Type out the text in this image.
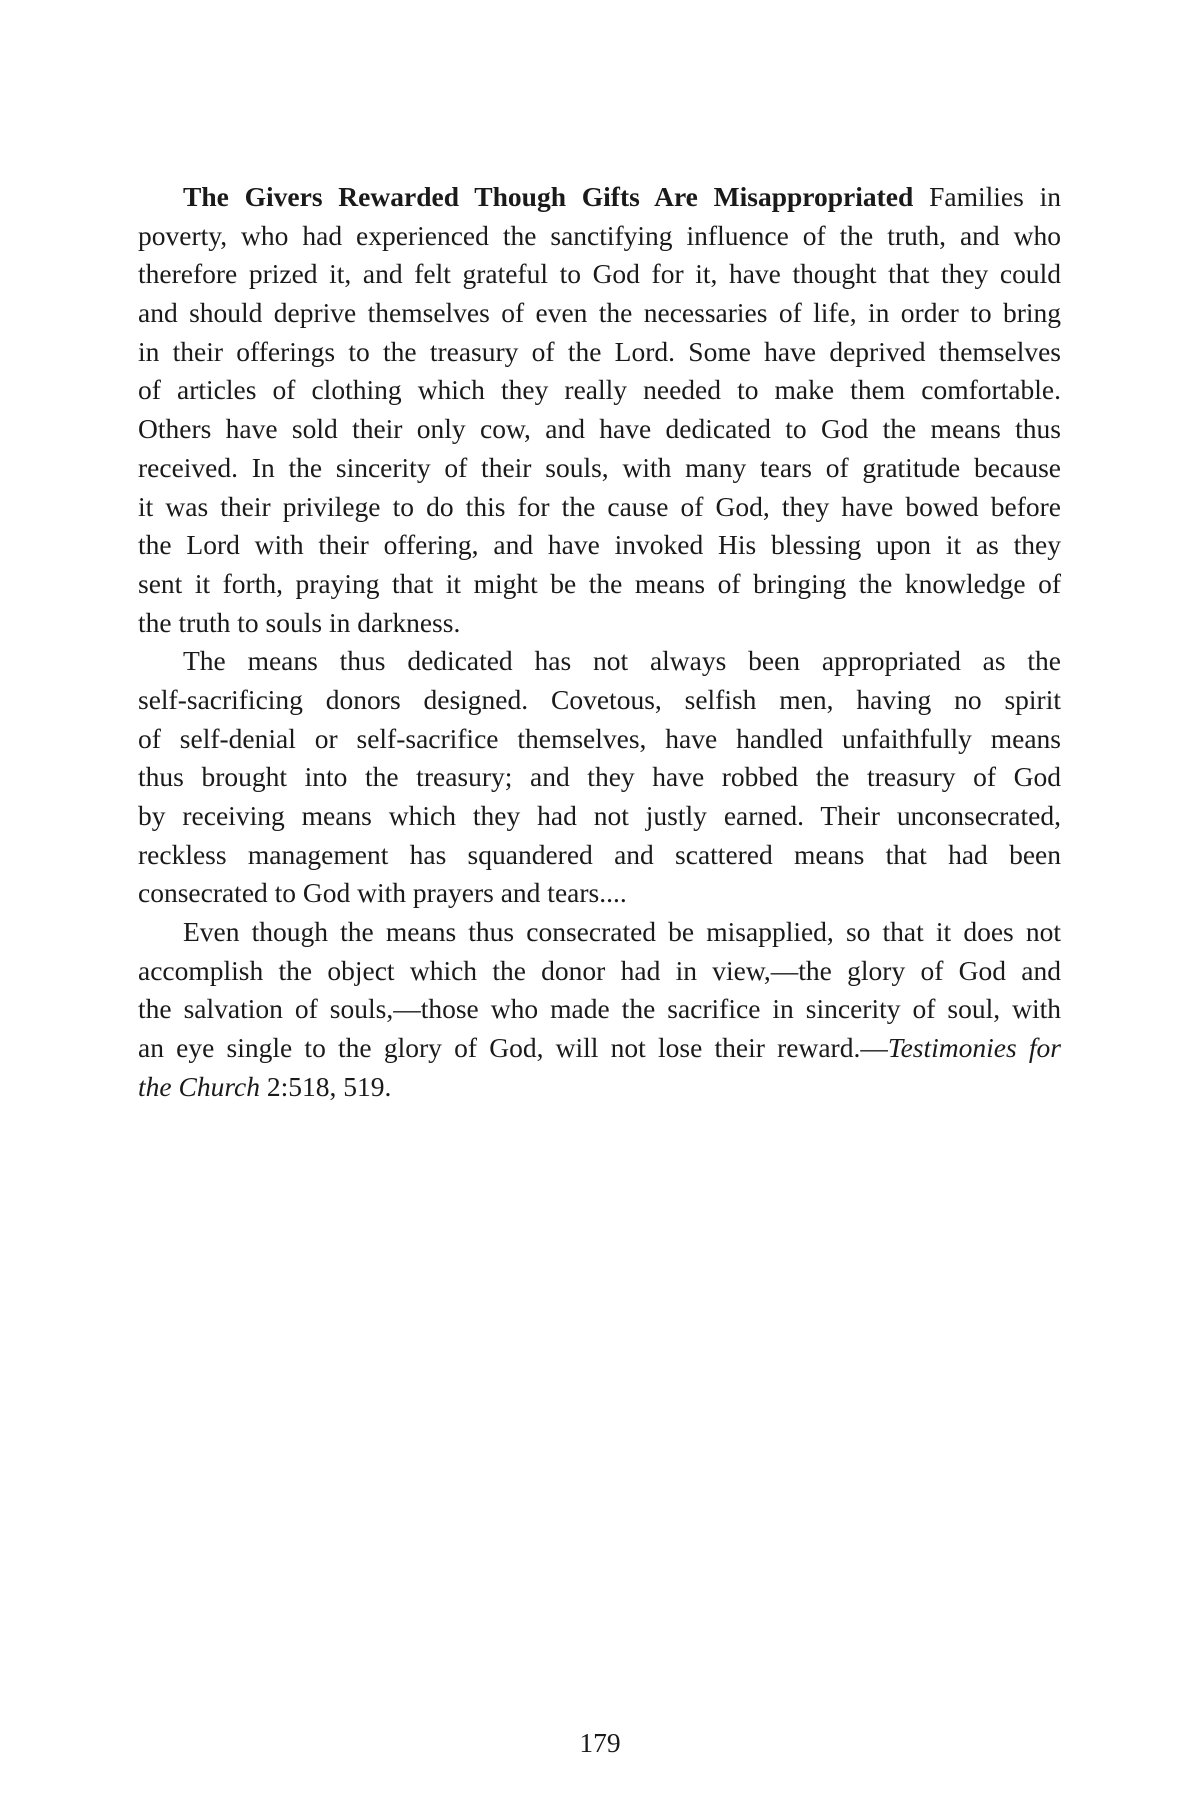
The Givers Rewarded Though Gifts Are Misappropriated Families in
poverty, who had experienced the sanctifying influence of the truth, and who
therefore prized it, and felt grateful to God for it, have thought that they could
and should deprive themselves of even the necessaries of life, in order to bring
in their offerings to the treasury of the Lord. Some have deprived themselves
of articles of clothing which they really needed to make them comfortable.
Others have sold their only cow, and have dedicated to God the means thus
received. In the sincerity of their souls, with many tears of gratitude because
it was their privilege to do this for the cause of God, they have bowed before
the Lord with their offering, and have invoked His blessing upon it as they
sent it forth, praying that it might be the means of bringing the knowledge of
the truth to souls in darkness.
The means thus dedicated has not always been appropriated as the
self-sacrificing donors designed. Covetous, selfish men, having no spirit
of self-denial or self-sacrifice themselves, have handled unfaithfully means
thus brought into the treasury; and they have robbed the treasury of God
by receiving means which they had not justly earned. Their unconsecrated,
reckless management has squandered and scattered means that had been
consecrated to God with prayers and tears....
Even though the means thus consecrated be misapplied, so that it does not
accomplish the object which the donor had in view,—the glory of God and
the salvation of souls,—those who made the sacrifice in sincerity of soul, with
an eye single to the glory of God, will not lose their reward.—Testimonies for
the Church 2:518, 519.
179
